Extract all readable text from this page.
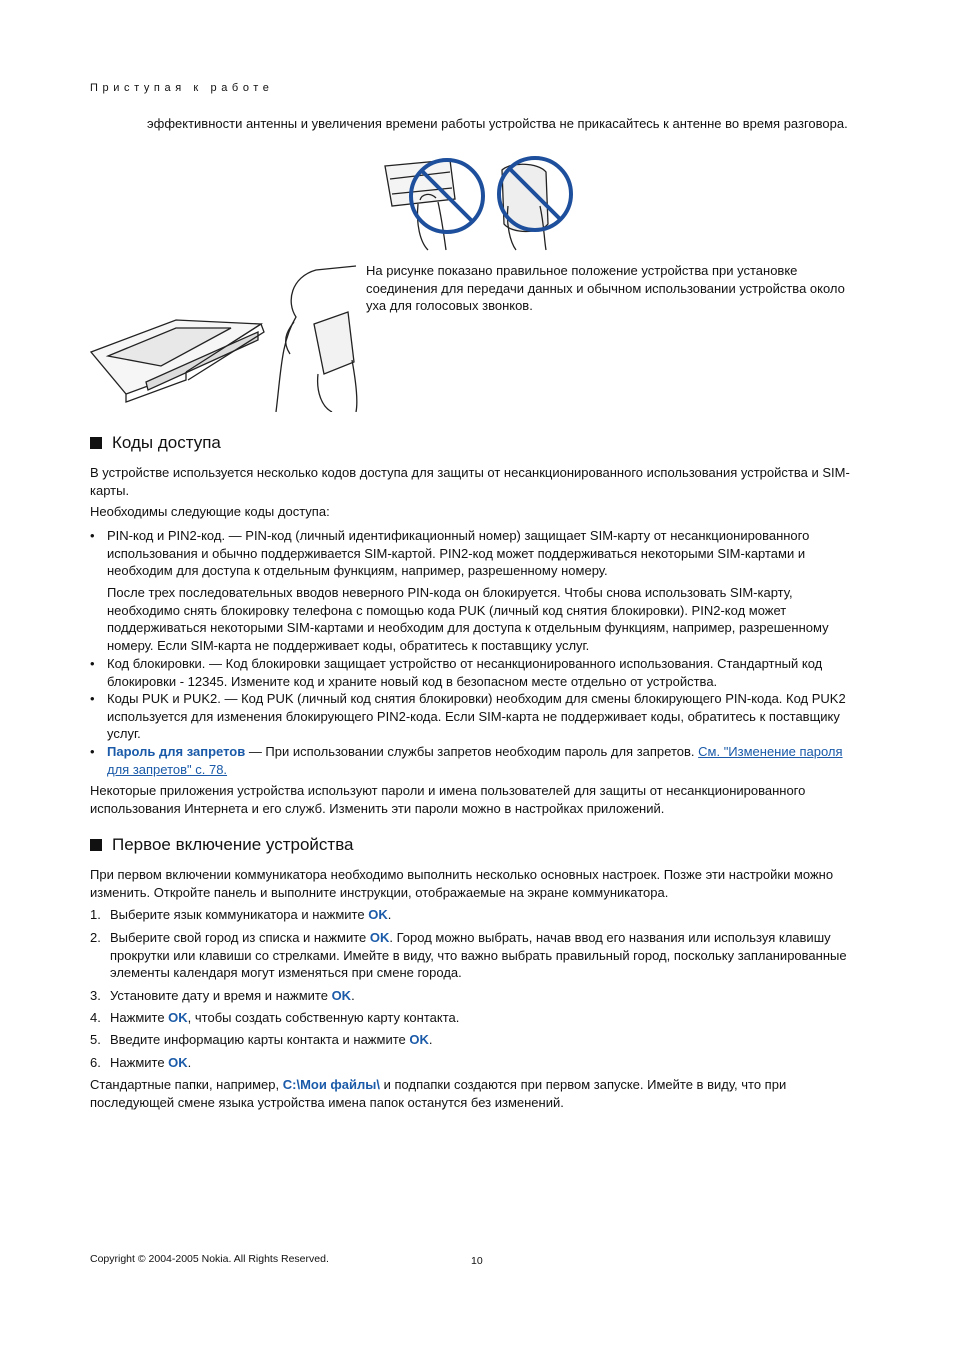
Приступая к работе
эффективности антенны и увеличения времени работы устройства не прикасайтесь к антенне во время разговора.
На рисунке показано правильное положение устройства при установке соединения для передачи данных и обычном использовании устройства около уха для голосовых звонков.
Коды доступа
В устройстве используется несколько кодов доступа для защиты от несанкционированного использования устройства и SIM-карты.
Необходимы следующие коды доступа:
• PIN-код и PIN2-код. — PIN-код (личный идентификационный номер) защищает SIM-карту от несанкционированного использования и обычно поддерживается SIM-картой. PIN2-код может поддерживаться некоторыми SIM-картами и необходим для доступа к отдельным функциям, например, разрешенному номеру.
После трех последовательных вводов неверного PIN-кода он блокируется. Чтобы снова использовать SIM-карту, необходимо снять блокировку телефона с помощью кода PUK (личный код снятия блокировки). PIN2-код может поддерживаться некоторыми SIM-картами и необходим для доступа к отдельным функциям, например, разрешенному номеру. Если SIM-карта не поддерживает коды, обратитесь к поставщику услуг.
• Код блокировки. — Код блокировки защищает устройство от несанкционированного использования. Стандартный код блокировки - 12345. Измените код и храните новый код в безопасном месте отдельно от устройства.
• Коды PUK и PUK2. — Код PUK (личный код снятия блокировки) необходим для смены блокирующего PIN-кода. Код PUK2 используется для изменения блокирующего PIN2-кода. Если SIM-карта не поддерживает коды, обратитесь к поставщику услуг.
• Пароль для запретов — При использовании службы запретов необходим пароль для запретов. См. "Изменение пароля для запретов" с. 78.
Некоторые приложения устройства используют пароли и имена пользователей для защиты от несанкционированного использования Интернета и его служб. Изменить эти пароли можно в настройках приложений.
Первое включение устройства
При первом включении коммуникатора необходимо выполнить несколько основных настроек. Позже эти настройки можно изменить. Откройте панель и выполните инструкции, отображаемые на экране коммуникатора.
1. Выберите язык коммуникатора и нажмите OK.
2. Выберите свой город из списка и нажмите OK. Город можно выбрать, начав ввод его названия или используя клавишу прокрутки или клавиши со стрелками. Имейте в виду, что важно выбрать правильный город, поскольку запланированные элементы календаря могут изменяться при смене города.
3. Установите дату и время и нажмите OK.
4. Нажмите OK, чтобы создать собственную карту контакта.
5. Введите информацию карты контакта и нажмите OK.
6. Нажмите OK.
Стандартные папки, например, C:\Мои файлы\ и подпапки создаются при первом запуске. Имейте в виду, что при последующей смене языка устройства имена папок останутся без изменений.
Copyright © 2004-2005 Nokia. All Rights Reserved.	10
